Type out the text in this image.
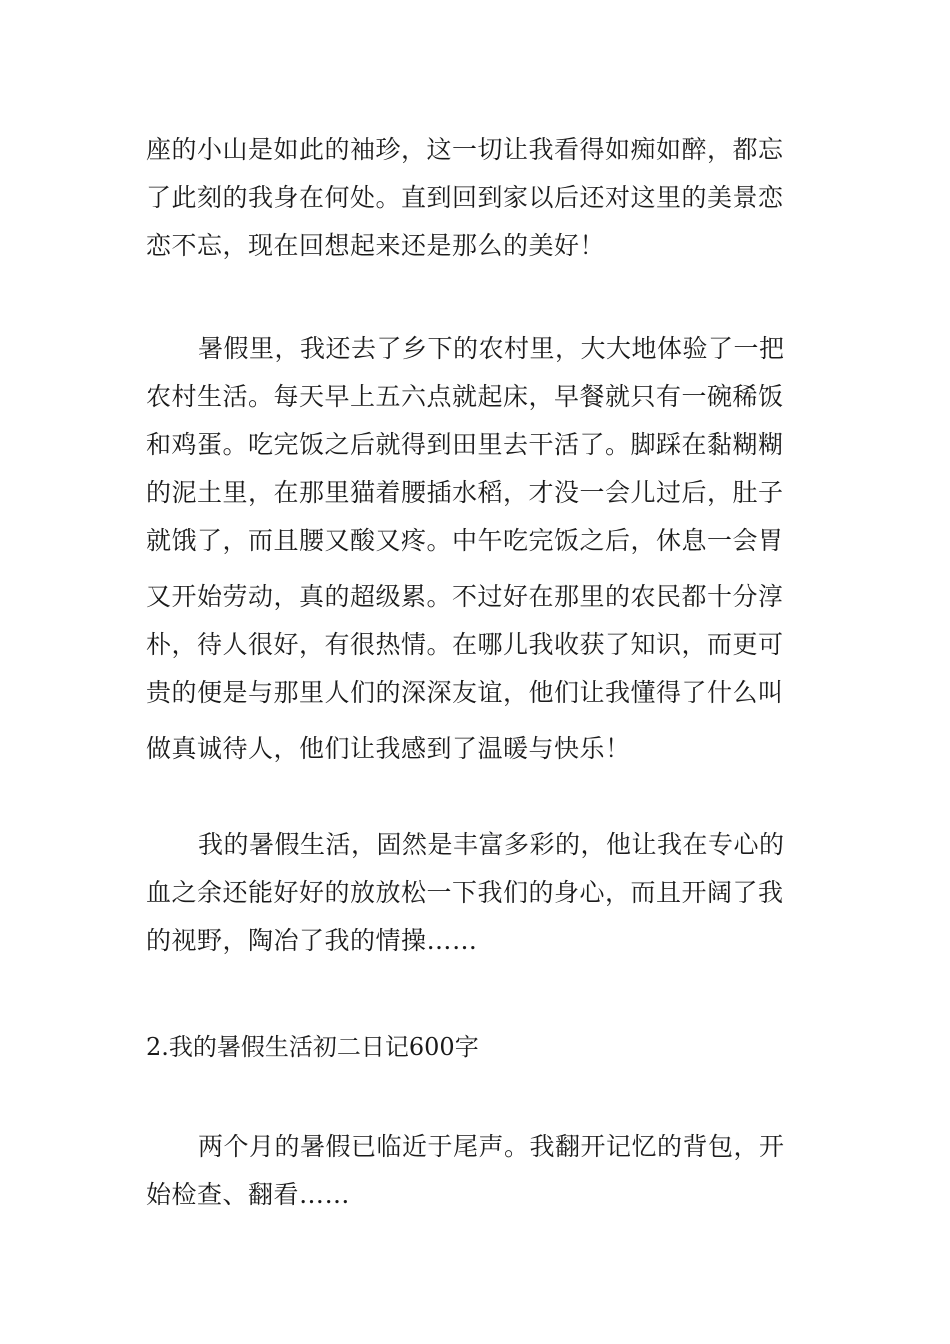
座的小山是如此的袖珍，这一切让我看得如痴如醉，都忘
了此刻的我身在何处。直到回到家以后还对这里的美景恋
恋不忘，现在回想起来还是那么的美好！
暑假里，我还去了乡下的农村里，大大地体验了一把
农村生活。每天早上五六点就起床，早餐就只有一碗稀饭
和鸡蛋。吃完饭之后就得到田里去干活了。脚踩在黏糊糊
的泥土里，在那里猫着腰插水稻，才没一会儿过后，肚子
就饿了，而且腰又酸又疼。中午吃完饭之后，休息一会胃
又开始劳动，真的超级累。不过好在那里的农民都十分淳
朴，待人很好，有很热情。在哪儿我收获了知识，而更可
贵的便是与那里人们的深深友谊，他们让我懂得了什么叫
做真诚待人，他们让我感到了温暖与快乐！
我的暑假生活，固然是丰富多彩的，他让我在专心的
血之余还能好好的放放松一下我们的身心，而且开阔了我
的视野，陶冶了我的情操……
2.我的暑假生活初二日记600字
两个月的暑假已临近于尾声。我翻开记忆的背包，开
始检查、翻看……
